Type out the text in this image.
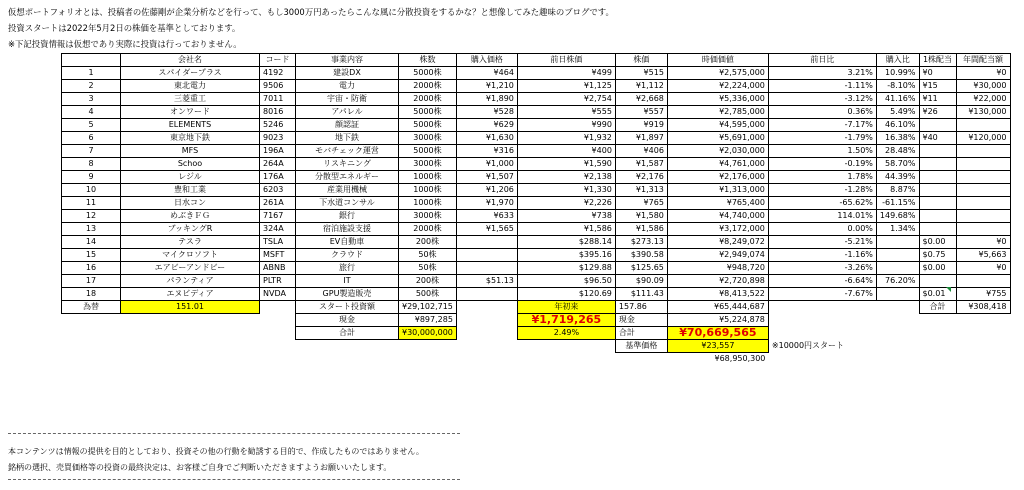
仮想ポートフォリオとは、投稿者の佐藤剛が企業分析などを行って、もし3000万円あったらこんな風に分散投資をするかな？と想像してみた趣味のブログです。
投資スタートは2022年5月2日の株価を基準としております。
※下記投資情報は仮想であり実際に投資は行っておりません。
	会社名	コード	事業内容	株数	購入価格	前日株価	株価	時価価値	前日比	購入比	1株配当	年間配当額
1	スパイダープラス	4192	建設DX	5000株	¥464	¥499	¥515	¥2,575,000	3.21%	10.99%	¥0	¥0
2	東北電力	9506	電力	2000株	¥1,210	¥1,125	¥1,112	¥2,224,000	-1.11%	-8.10%	¥15	¥30,000
3	三菱重工	7011	宇宙・防衛	2000株	¥1,890	¥2,754	¥2,668	¥5,336,000	-3.12%	41.16%	¥11	¥22,000
4	オンワード	8016	アパレル	5000株	¥528	¥555	¥557	¥2,785,000	0.36%	5.49%	¥26	¥130,000
5	ELEMENTS	5246	顔認証	5000株	¥629	¥990	¥919	¥4,595,000	-7.17%	46.10%		
6	東京地下鉄	9023	地下鉄	3000株	¥1,630	¥1,932	¥1,897	¥5,691,000	-1.79%	16.38%	¥40	¥120,000
7	MFS	196A	モバチェック運営	5000株	¥316	¥400	¥406	¥2,030,000	1.50%	28.48%		
8	Schoo	264A	リスキニング	3000株	¥1,000	¥1,590	¥1,587	¥4,761,000	-0.19%	58.70%		
9	レジル	176A	分散型エネルギー	1000株	¥1,507	¥2,138	¥2,176	¥2,176,000	1.78%	44.39%		
10	豊和工業	6203	産業用機械	1000株	¥1,206	¥1,330	¥1,313	¥1,313,000	-1.28%	8.87%		
11	日水コン	261A	下水道コンサル	1000株	¥1,970	¥2,226	¥765	¥765,400	-65.62%	-61.15%		
12	めぶきＦＧ	7167	銀行	3000株	¥633	¥738	¥1,580	¥4,740,000	114.01%	149.68%		
13	ブッキングR	324A	宿泊施設支援	2000株	¥1,565	¥1,586	¥1,586	¥3,172,000	0.00%	1.34%		
14	テスラ	TSLA	EV自動車	200株		$288.14	$273.13	¥8,249,072	-5.21%		$0.00	¥0
15	マイクロソフト	MSFT	クラウド	50株		$395.16	$390.58	¥2,949,074	-1.16%		$0.75	¥5,663
16	エアビーアンドビー	ABNB	旅行	50株		$129.88	$125.65	¥948,720	-3.26%		$0.00	¥0
17	パランティア	PLTR	IT	200株	$51.13	$96.50	$90.09	¥2,720,898	-6.64%	76.20%		
18	エヌビディア	NVDA	GPU製造販売	500株		$120.69	$111.43	¥8,413,522	-7.67%		$0.01	¥755
為替	151.01		スタート投資額	¥29,102,715		年初来	157.86	¥65,444,687			合計	¥308,418
			現金	¥897,285		¥1,719,265	現金	¥5,224,878				
			合計	¥30,000,000		2.49%	合計	¥70,669,565				
							基準価格	¥23,557	※10000円スタート			
								¥68,950,300				
本コンテンツは情報の提供を目的としており、投資その他の行動を勧誘する目的で、作成したものではありません。
銘柄の選択、売買価格等の投資の最終決定は、お客様ご自身でご判断いただきますようお願いいたします。
